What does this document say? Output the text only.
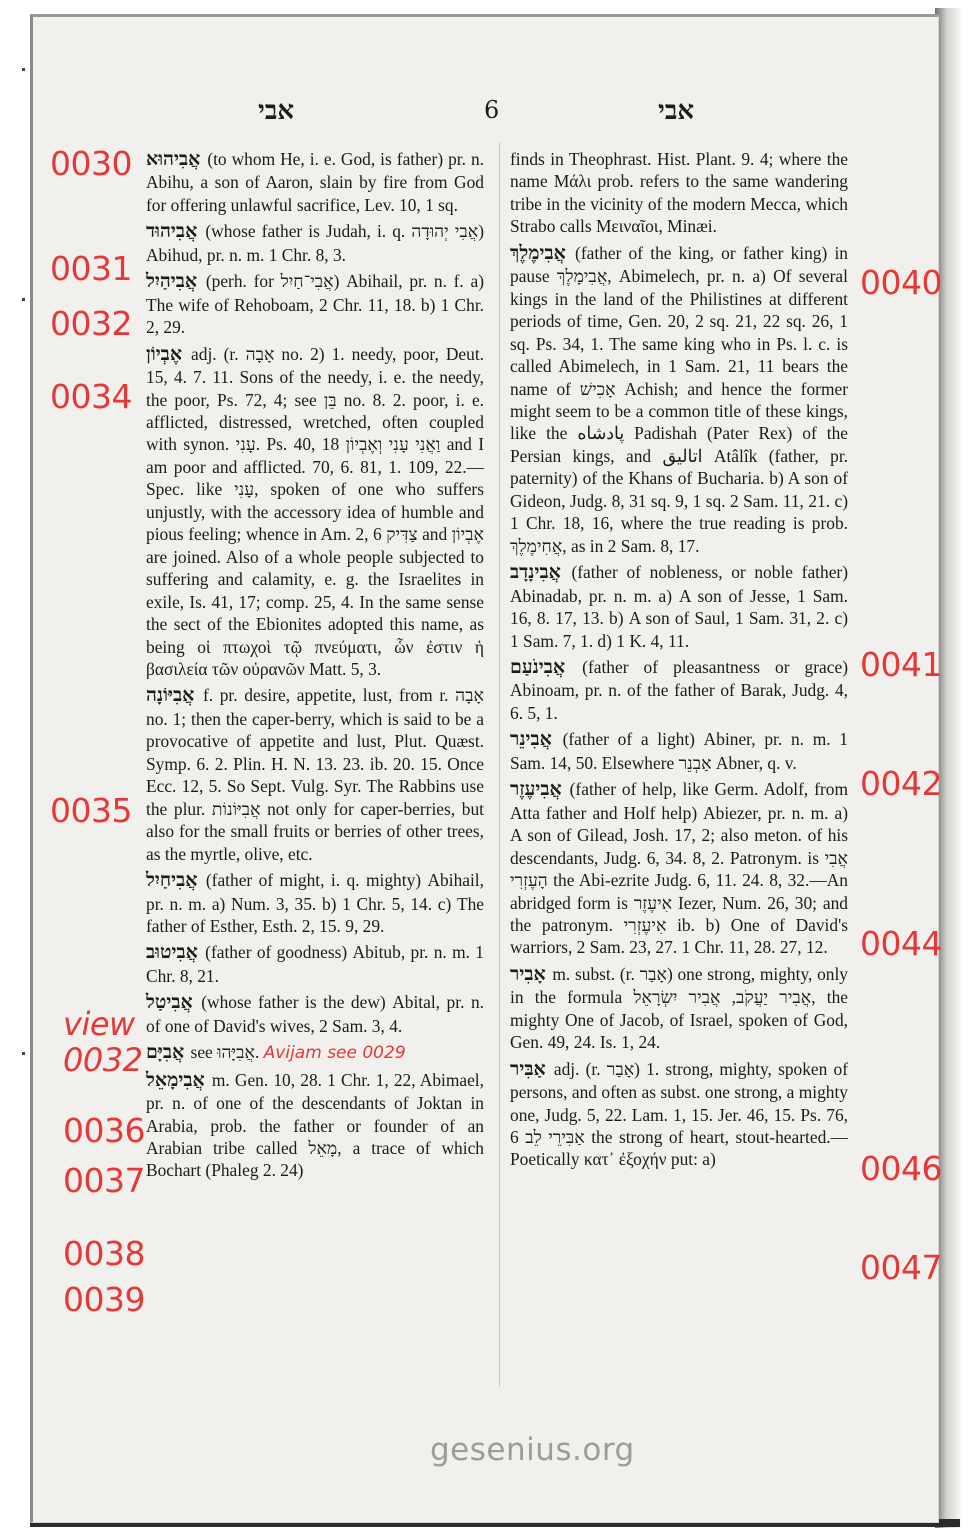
אבי	6	אבי
0030
0031
0032
0034
0035
view
0032
0036
0037
0038
0039
0040
0041
0042
0044
0046
0047
אֲבִיהוּא (to whom He, i. e. God, is father) pr. n. Abihu, a son of Aaron, slain by fire from God for offering unlawful sacrifice, Lev. 10, 1 sq.
אֲבִיהוּד (whose father is Judah, i. q. אֲבִי יְהוּדָה) Abihud, pr. n. m. 1 Chr. 8, 3.
אֲבִיהַיִל (perh. for אֲבִי־חַיִל) Abihail, pr. n. f. a) The wife of Rehoboam, 2 Chr. 11, 18. b) 1 Chr. 2, 29.
אֶבְיוֹן adj. (r. אָבָה no. 2) 1. needy, poor, Deut. 15, 4. 7. 11. Sons of the needy, i. e. the needy, the poor, Ps. 72, 4; see בֵּן no. 8. 2. poor, i. e. afflicted, distressed, wretched, often coupled with synon. עָנִי. Ps. 40, 18 וַאֲנִי עָנִי וְאֶבְיוֹן and I am poor and afflicted. 70, 6. 81, 1. 109, 22.—Spec. like עָנִי, spoken of one who suffers unjustly, with the accessory idea of humble and pious feeling; whence in Am. 2, 6 צַדִּיק and אֶבְיוֹן are joined. Also of a whole people subjected to suffering and calamity, e. g. the Israelites in exile, Is. 41, 17; comp. 25, 4. In the same sense the sect of the Ebionites adopted this name, as being οἱ πτωχοὶ τῷ πνεύματι, ὧν ἐστιν ἡ βασιλεία τῶν οὐρανῶν Matt. 5, 3.
אֲבִיּוֹנָה f. pr. desire, appetite, lust, from r. אָבָה no. 1; then the caper-berry, which is said to be a provocative of appetite and lust, Plut. Quæst. Symp. 6. 2. Plin. H. N. 13. 23. ib. 20. 15. Once Ecc. 12, 5. So Sept. Vulg. Syr. The Rabbins use the plur. אֲבִיּוֹנוֹת not only for caper-berries, but also for the small fruits or berries of other trees, as the myrtle, olive, etc.
אֲבִיחַיִל (father of might, i. q. mighty) Abihail, pr. n. m. a) Num. 3, 35. b) 1 Chr. 5, 14. c) The father of Esther, Esth. 2, 15. 9, 29.
אֲבִיטוּב (father of goodness) Abitub, pr. n. m. 1 Chr. 8, 21.
אֲבִיטַל (whose father is the dew) Abital, pr. n. of one of David's wives, 2 Sam. 3, 4.
אֲבִיָּם see אֲבִיָּהוּ. Avijam see 0029
אֲבִימָאֵל m. Gen. 10, 28. 1 Chr. 1, 22, Abimael, pr. n. of one of the descendants of Joktan in Arabia, prob. the father or founder of an Arabian tribe called מָאֵל, a trace of which Bochart (Phaleg 2. 24)
finds in Theophrast. Hist. Plant. 9. 4; where the name Μάλι prob. refers to the same wandering tribe in the vicinity of the modern Mecca, which Strabo calls Μειναῖοι, Minæi.
אֲבִימֶלֶךְ (father of the king, or father king) in pause אֲבִימָלֶךְ, Abimelech, pr. n. a) Of several kings in the land of the Philistines at different periods of time, Gen. 20, 2 sq. 21, 22 sq. 26, 1 sq. Ps. 34, 1. The same king who in Ps. l. c. is called Abimelech, in 1 Sam. 21, 11 bears the name of אָכִישׁ Achish; and hence the former might seem to be a common title of these kings, like the پادشاه Padishah (Pater Rex) of the Persian kings, and اتاليق Atâlîk (father, pr. paternity) of the Khans of Bucharia. b) A son of Gideon, Judg. 8, 31 sq. 9, 1 sq. 2 Sam. 11, 21. c) 1 Chr. 18, 16, where the true reading is prob. אֲחִימֶלֶךְ, as in 2 Sam. 8, 17.
אֲבִינָדָב (father of nobleness, or noble father) Abinadab, pr. n. m. a) A son of Jesse, 1 Sam. 16, 8. 17, 13. b) A son of Saul, 1 Sam. 31, 2. c) 1 Sam. 7, 1. d) 1 K. 4, 11.
אֲבִינֹעַם (father of pleasantness or grace) Abinoam, pr. n. of the father of Barak, Judg. 4, 6. 5, 1.
אֲבִינֵר (father of a light) Abiner, pr. n. m. 1 Sam. 14, 50. Elsewhere אַבְנֵר Abner, q. v.
אֲבִיעֶזֶר (father of help, like Germ. Adolf, from Atta father and Holf help) Abiezer, pr. n. m. a) A son of Gilead, Josh. 17, 2; also meton. of his descendants, Judg. 6, 34. 8, 2. Patronym. is אֲבִי הָעֶזְרִי the Abi-ezrite Judg. 6, 11. 24. 8, 32.—An abridged form is אִיעֶזֶר Iezer, Num. 26, 30; and the patronym. אִיעֶזְרִי ib. b) One of David's warriors, 2 Sam. 23, 27. 1 Chr. 11, 28. 27, 12.
אָבִיר m. subst. (r. אָבַר) one strong, mighty, only in the formula אֲבִיר יַעֲקֹב, אֲבִיר יִשְׂרָאֵל, the mighty One of Jacob, of Israel, spoken of God, Gen. 49, 24. Is. 1, 24.
אַבִּיר adj. (r. אָבַר) 1. strong, mighty, spoken of persons, and often as subst. one strong, a mighty one, Judg. 5, 22. Lam. 1, 15. Jer. 46, 15. Ps. 76, 6 אַבִּירֵי לֵב the strong of heart, stout-hearted.—Poetically κατ᾽ ἐξοχήν put: a)
gesenius.org
